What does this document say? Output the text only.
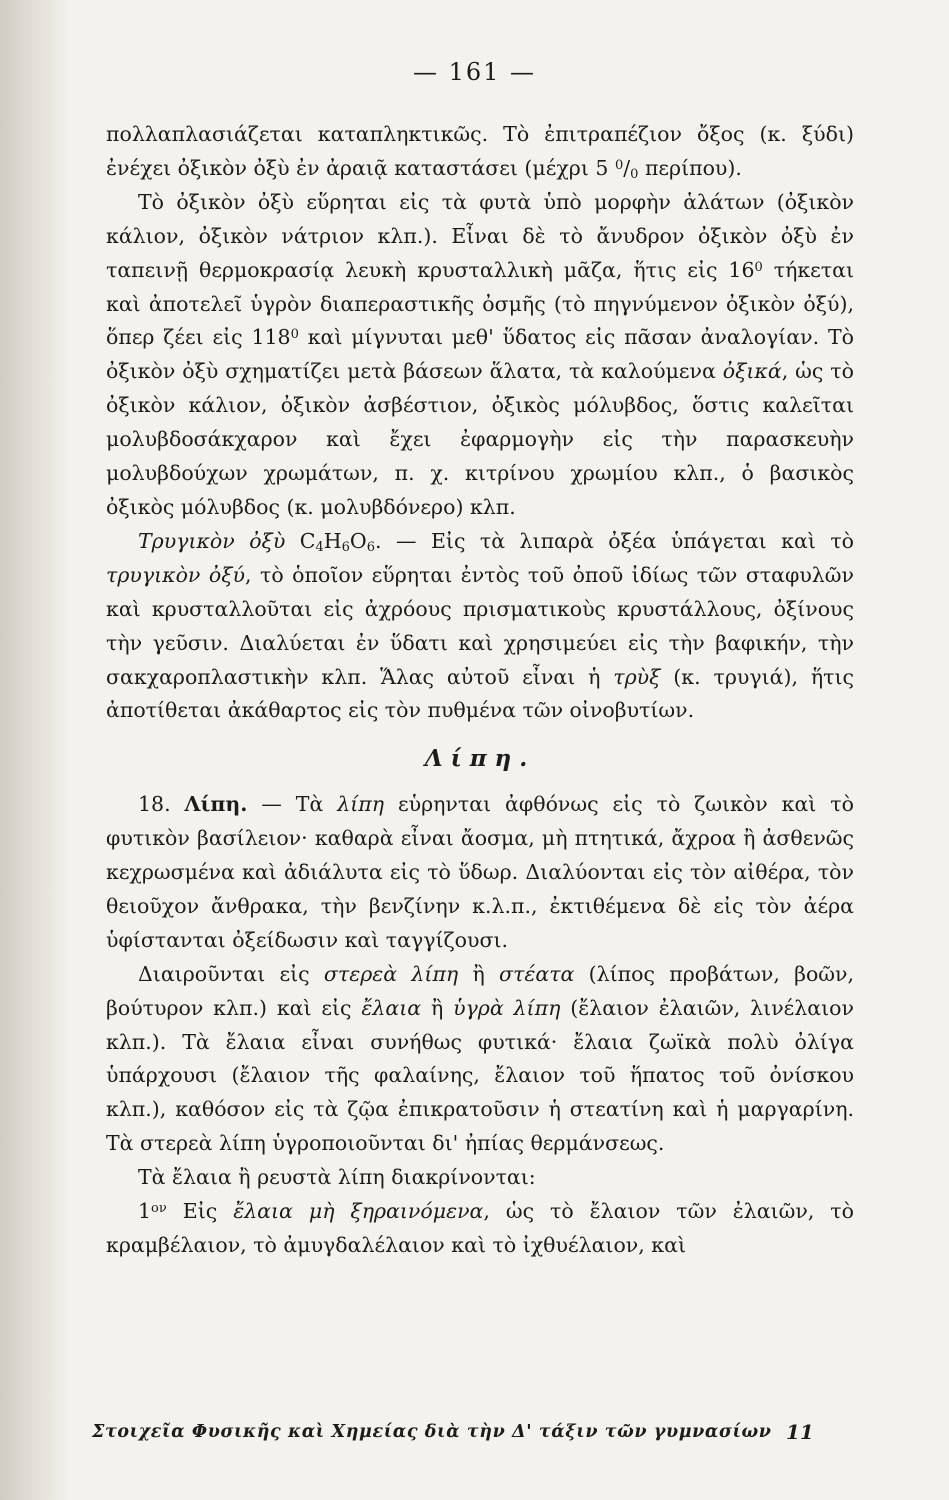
— 161 —

πολλαπλασιάζεται καταπληκτικῶς. Τὸ ἐπιτραπέζιον ὄξος (κ. ξύδι) ἐνέχει ὀξικὸν ὀξὺ ἐν ἀραιᾷ καταστάσει (μέχρι 5 $^0/_0$ περίπου).

Τὸ ὀξικὸν ὀξὺ εὕρηται εἰς τὰ φυτὰ ὑπὸ μορφὴν ἁλάτων (ὀξικὸν κάλιον, ὀξικὸν νάτριον κλπ.). Εἶναι δὲ τὸ ἄνυδρον ὀξικὸν ὀξὺ ἐν ταπεινῇ θερμοκρασίᾳ λευκὴ κρυσταλλικὴ μᾶζα, ἥτις εἰς $16^0$ τήκεται καὶ ἀποτελεῖ ὑγρὸν διαπεραστικῆς ὀσμῆς (τὸ πηγνύμενον ὀξικὸν ὀξύ), ὅπερ ζέει εἰς $118^0$ καὶ μίγνυται μεθ' ὕδατος εἰς πᾶσαν ἀναλογίαν. Τὸ ὀξικὸν ὀξὺ σχηματίζει μετὰ βάσεων ἅλατα, τὰ καλούμενα ὀξικά, ὡς τὸ ὀξικὸν κάλιον, ὀξικὸν ἀσβέστιον, ὀξικὸς μόλυβδος, ὅστις καλεῖται μολυβδοσάκχαρον καὶ ἔχει ἐφαρμογὴν εἰς τὴν παρασκευὴν μολυβδούχων χρωμάτων, π. χ. κιτρίνου χρωμίου κλπ., ὁ βασικὸς ὀξικὸς μόλυβδος (κ. μολυβδόνερο) κλπ.

Τρυγικὸν ὀξὺ $C_4H_6O_6$. — Εἰς τὰ λιπαρὰ ὀξέα ὑπάγεται καὶ τὸ τρυγικὸν ὀξύ, τὸ ὁποῖον εὕρηται ἐντὸς τοῦ ὀποῦ ἰδίως τῶν σταφυλῶν καὶ κρυσταλλοῦται εἰς ἀχρόους πρισματικοὺς κρυστάλλους, ὀξίνους τὴν γεῦσιν. Διαλύεται ἐν ὕδατι καὶ χρησιμεύει εἰς τὴν βαφικήν, τὴν σακχαροπλαστικὴν κλπ. Ἅλας αὐτοῦ εἶναι ἡ τρὺξ (κ. τρυγιά), ἥτις ἀποτίθεται ἀκάθαρτος εἰς τὸν πυθμένα τῶν οἰνοβυτίων.

Λίπη.

18. Λίπη. — Τὰ λίπη εὑρηνται ἀφθόνως εἰς τὸ ζωικὸν καὶ τὸ φυτικὸν βασίλειον· καθαρὰ εἶναι ἄοσμα, μὴ πτητικά, ἄχροα ἢ ἀσθενῶς κεχρωσμένα καὶ ἀδιάλυτα εἰς τὸ ὕδωρ. Διαλύονται εἰς τὸν αἰθέρα, τὸν θειοῦχον ἄνθρακα, τὴν βενζίνην κ.λ.π., ἐκτιθέμενα δὲ εἰς τὸν ἀέρα ὑφίστανται ὀξείδωσιν καὶ ταγγίζουσι.

Διαιροῦνται εἰς στερεὰ λίπη ἢ στέατα (λίπος προβάτων, βοῶν, βούτυρον κλπ.) καὶ εἰς ἔλαια ἢ ὑγρὰ λίπη (ἔλαιον ἐλαιῶν, λινέλαιον κλπ.). Τὰ ἔλαια εἶναι συνήθως φυτικά· ἔλαια ζωϊκὰ πολὺ ὀλίγα ὑπάρχουσι (ἔλαιον τῆς φαλαίνης, ἔλαιον τοῦ ἥπατος τοῦ ὀνίσκου κλπ.), καθόσον εἰς τὰ ζῷα ἐπικρατοῦσιν ἡ στεατίνη καὶ ἡ μαργαρίνη. Τὰ στερεὰ λίπη ὑγροποιοῦνται δι' ἠπίας θερμάνσεως.

Τὰ ἔλαια ἢ ρευστὰ λίπη διακρίνονται:

$1^{o\nu}$ Εἰς ἔλαια μὴ ξηραινόμενα, ὡς τὸ ἔλαιον τῶν ἐλαιῶν, τὸ κραμβέλαιον, τὸ ἀμυγδαλέλαιον καὶ τὸ ἰχθυέλαιον, καὶ

Στοιχεῖα Φυσικῆς καὶ Χημείας διὰ τὴν Δ' τάξιν τῶν γυμνασίων 11
